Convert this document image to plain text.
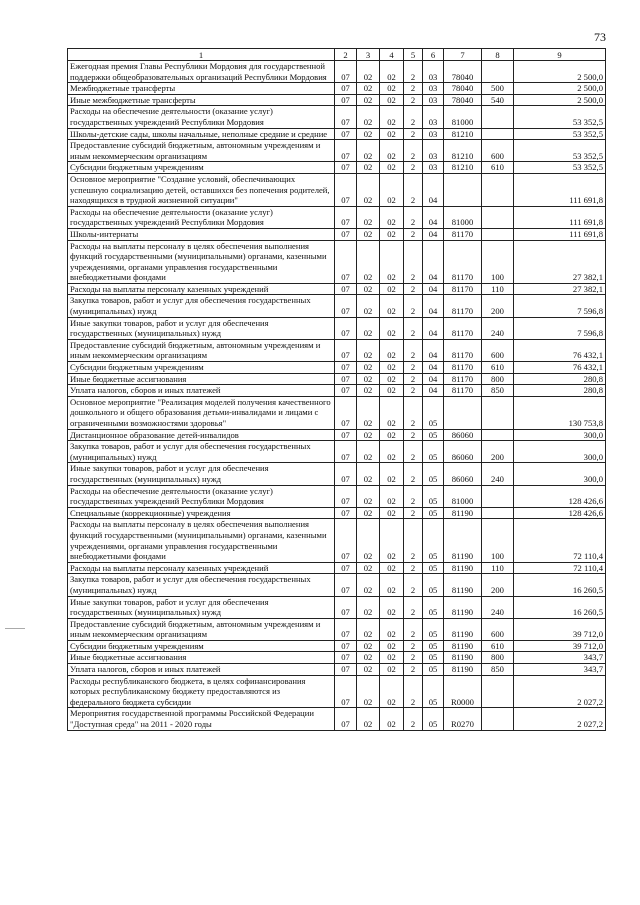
73
1	2	3	4	5	6	7	8	9
Ежегодная премия Главы Республики Мордовия для государственной поддержки общеобразовательных организаций Республики Мордовия	07	02	02	2	03	78040		2 500,0
Межбюджетные трансферты	07	02	02	2	03	78040	500	2 500,0
Иные межбюджетные трансферты	07	02	02	2	03	78040	540	2 500,0
Расходы на обеспечение деятельности (оказание услуг) государственных учреждений Республики Мордовия	07	02	02	2	03	81000		53 352,5
Школы-детские сады, школы начальные, неполные средние и средние	07	02	02	2	03	81210		53 352,5
Предоставление субсидий бюджетным, автономным учреждениям и иным некоммерческим организациям	07	02	02	2	03	81210	600	53 352,5
Субсидии бюджетным учреждениям	07	02	02	2	03	81210	610	53 352,5
Основное мероприятие "Создание условий, обеспечивающих успешную социализацию детей, оставшихся без попечения родителей, находящихся в трудной жизненной ситуации"	07	02	02	2	04			111 691,8
Расходы на обеспечение деятельности (оказание услуг) государственных учреждений Республики Мордовия	07	02	02	2	04	81000		111 691,8
Школы-интернаты	07	02	02	2	04	81170		111 691,8
Расходы на выплаты персоналу в целях обеспечения выполнения функций государственными (муниципальными) органами, казенными учреждениями, органами управления государственными внебюджетными фондами	07	02	02	2	04	81170	100	27 382,1
Расходы на выплаты персоналу казенных учреждений	07	02	02	2	04	81170	110	27 382,1
Закупка товаров, работ и услуг для обеспечения государственных (муниципальных) нужд	07	02	02	2	04	81170	200	7 596,8
Иные закупки товаров, работ и услуг для обеспечения государственных (муниципальных) нужд	07	02	02	2	04	81170	240	7 596,8
Предоставление субсидий бюджетным, автономным учреждениям и иным некоммерческим организациям	07	02	02	2	04	81170	600	76 432,1
Субсидии бюджетным учреждениям	07	02	02	2	04	81170	610	76 432,1
Иные бюджетные ассигнования	07	02	02	2	04	81170	800	280,8
Уплата налогов, сборов и иных платежей	07	02	02	2	04	81170	850	280,8
Основное мероприятие "Реализация моделей получения качественного дошкольного и общего образования детьми-инвалидами и лицами с ограниченными возможностями здоровья"	07	02	02	2	05			130 753,8
Дистанционное образование детей-инвалидов	07	02	02	2	05	86060		300,0
Закупка товаров, работ и услуг для обеспечения государственных (муниципальных) нужд	07	02	02	2	05	86060	200	300,0
Иные закупки товаров, работ и услуг для обеспечения государственных (муниципальных) нужд	07	02	02	2	05	86060	240	300,0
Расходы на обеспечение деятельности (оказание услуг) государственных учреждений Республики Мордовия	07	02	02	2	05	81000		128 426,6
Специальные (коррекционные) учреждения	07	02	02	2	05	81190		128 426,6
Расходы на выплаты персоналу в целях обеспечения выполнения функций государственными (муниципальными) органами, казенными учреждениями, органами управления государственными внебюджетными фондами	07	02	02	2	05	81190	100	72 110,4
Расходы на выплаты персоналу казенных учреждений	07	02	02	2	05	81190	110	72 110,4
Закупка товаров, работ и услуг для обеспечения государственных (муниципальных) нужд	07	02	02	2	05	81190	200	16 260,5
Иные закупки товаров, работ и услуг для обеспечения государственных (муниципальных) нужд	07	02	02	2	05	81190	240	16 260,5
Предоставление субсидий бюджетным, автономным учреждениям и иным некоммерческим организациям	07	02	02	2	05	81190	600	39 712,0
Субсидии бюджетным учреждениям	07	02	02	2	05	81190	610	39 712,0
Иные бюджетные ассигнования	07	02	02	2	05	81190	800	343,7
Уплата налогов, сборов и иных платежей	07	02	02	2	05	81190	850	343,7
Расходы республиканского бюджета, в целях софинансирования которых республиканскому бюджету предоставляются из федерального бюджета субсидии	07	02	02	2	05	R0000		2 027,2
Мероприятия государственной программы Российской Федерации "Доступная среда" на 2011 - 2020 годы	07	02	02	2	05	R0270		2 027,2
